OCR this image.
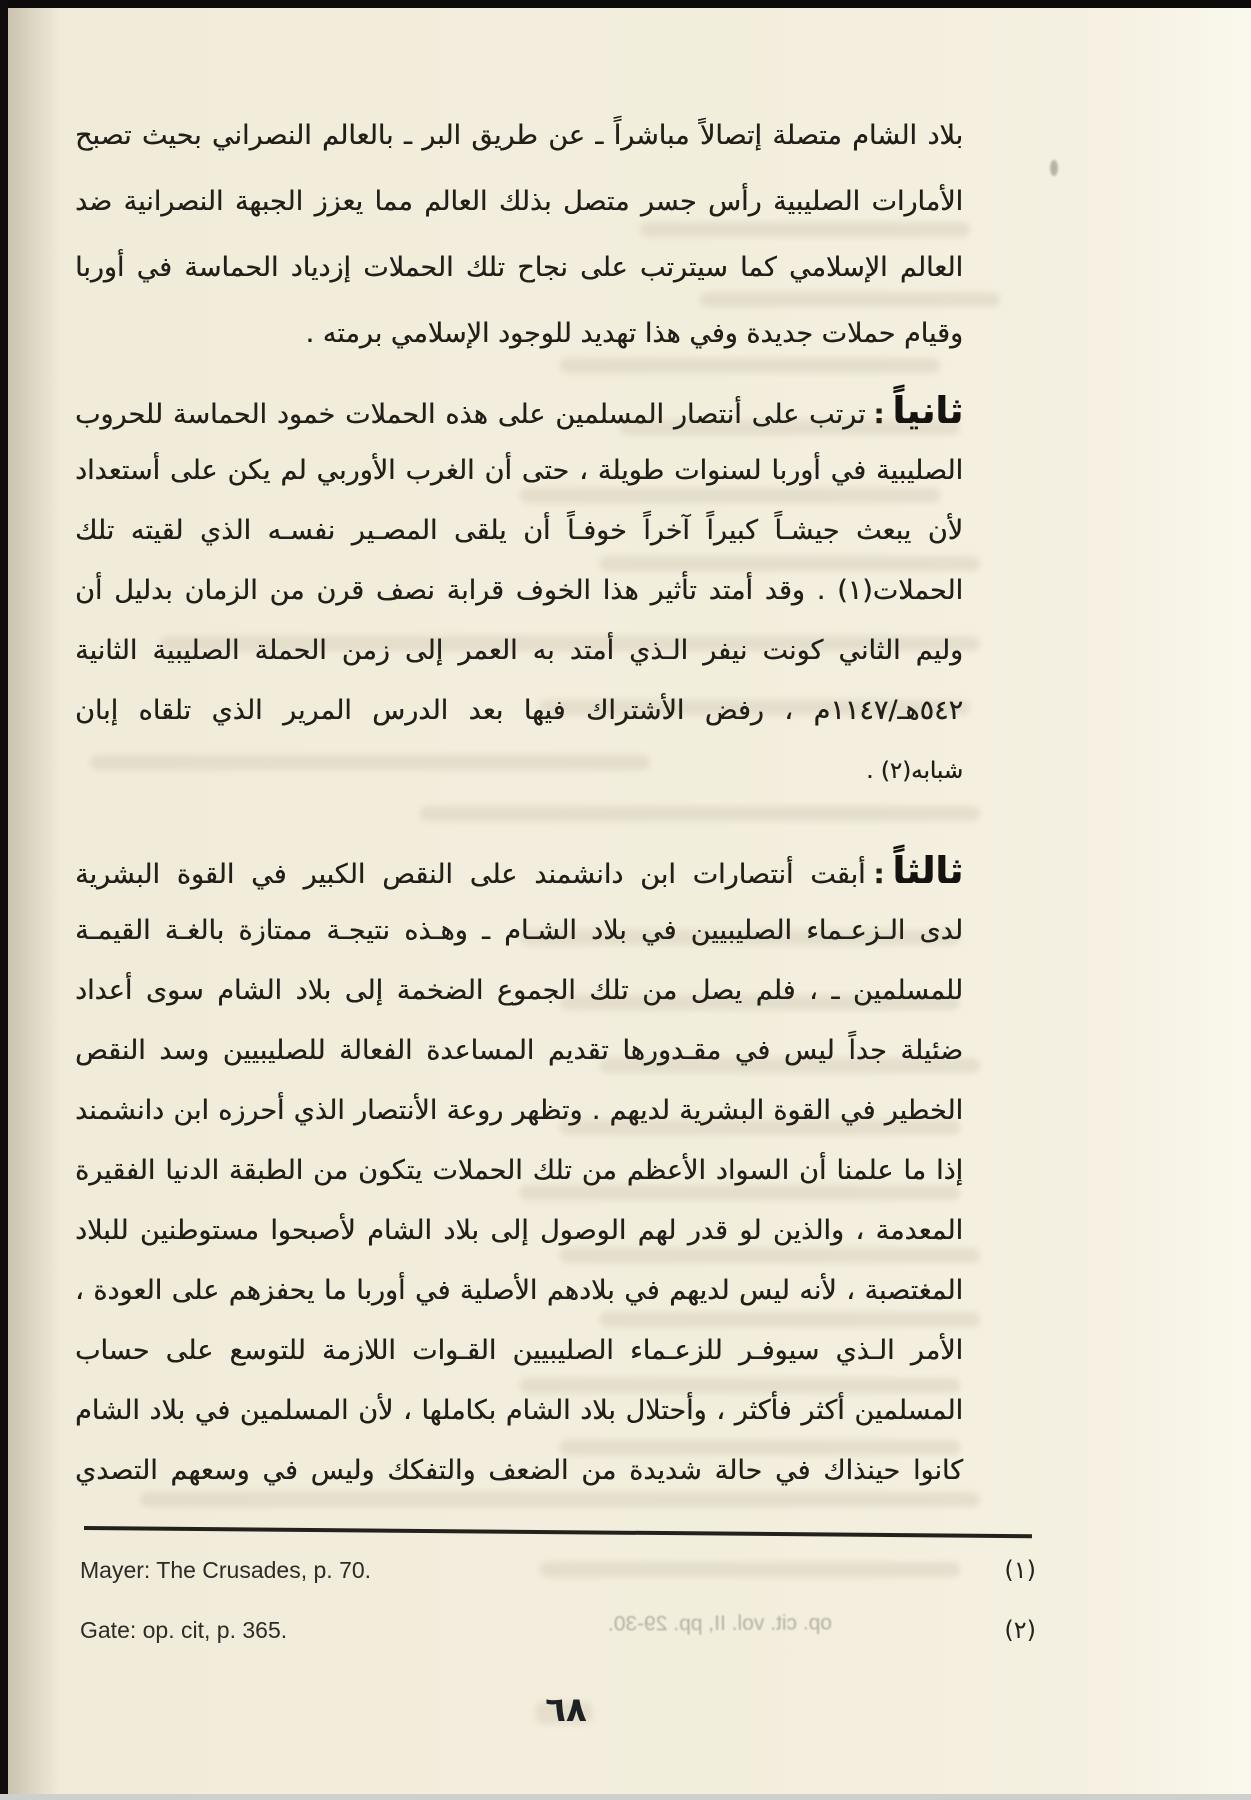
op. cit. vol. II, pp. 29-30.
بلاد الشام متصلة إتصالاً مباشراً ـ عن طريق البر ـ بالعالم النصراني بحيث تصبح
الأمارات الصليبية رأس جسر متصل بذلك العالم مما يعزز الجبهة النصرانية ضد
العالم الإسلامي كما سيترتب على نجاح تلك الحملات إزدياد الحماسة في أوربا
وقيام حملات جديدة وفي هذا تهديد للوجود الإسلامي برمته .
ثانياً:ترتب على أنتصار المسلمين على هذه الحملات خمود الحماسة للحروب
الصليبية في أوربا لسنوات طويلة ، حتى أن الغرب الأوربي لم يكن على أستعداد
لأن يبعث جيشـاً كبيراً آخراً خوفـاً أن يلقى المصـير نفسـه الذي لقيته تلك
الحملات(١) . وقد أمتد تأثير هذا الخوف قرابة نصف قرن من الزمان بدليل أن
وليم الثاني كونت نيفر الـذي أمتد به العمر إلى زمن الحملة الصليبية الثانية
٥٤٢هـ/١١٤٧م ، رفض الأشتراك فيها بعد الدرس المرير الذي تلقاه إبان
شبابه(٢) .
ثالثاً:أبقت أنتصارات ابن دانشمند على النقص الكبير في القوة البشرية
لدى الـزعـماء الصليبيين في بلاد الشـام ـ وهـذه نتيجـة ممتازة بالغـة القيمـة
للمسلمين ـ ، فلم يصل من تلك الجموع الضخمة إلى بلاد الشام سوى أعداد
ضئيلة جداً ليس في مقـدورها تقديم المساعدة الفعالة للصليبيين وسد النقص
الخطير في القوة البشرية لديهم . وتظهر روعة الأنتصار الذي أحرزه ابن دانشمند
إذا ما علمنا أن السواد الأعظم من تلك الحملات يتكون من الطبقة الدنيا الفقيرة
المعدمة ، والذين لو قدر لهم الوصول إلى بلاد الشام لأصبحوا مستوطنين للبلاد
المغتصبة ، لأنه ليس لديهم في بلادهم الأصلية في أوربا ما يحفزهم على العودة ،
الأمر الـذي سيوفـر للزعـماء الصليبيين القـوات اللازمة للتوسع على حساب
المسلمين أكثر فأكثر ، وأحتلال بلاد الشام بكاملها ، لأن المسلمين في بلاد الشام
كانوا حينذاك في حالة شديدة من الضعف والتفكك وليس في وسعهم التصدي
Mayer: The Crusades, p. 70.	(١)
Gate: op. cit, p. 365.	(٢)
٦٨
